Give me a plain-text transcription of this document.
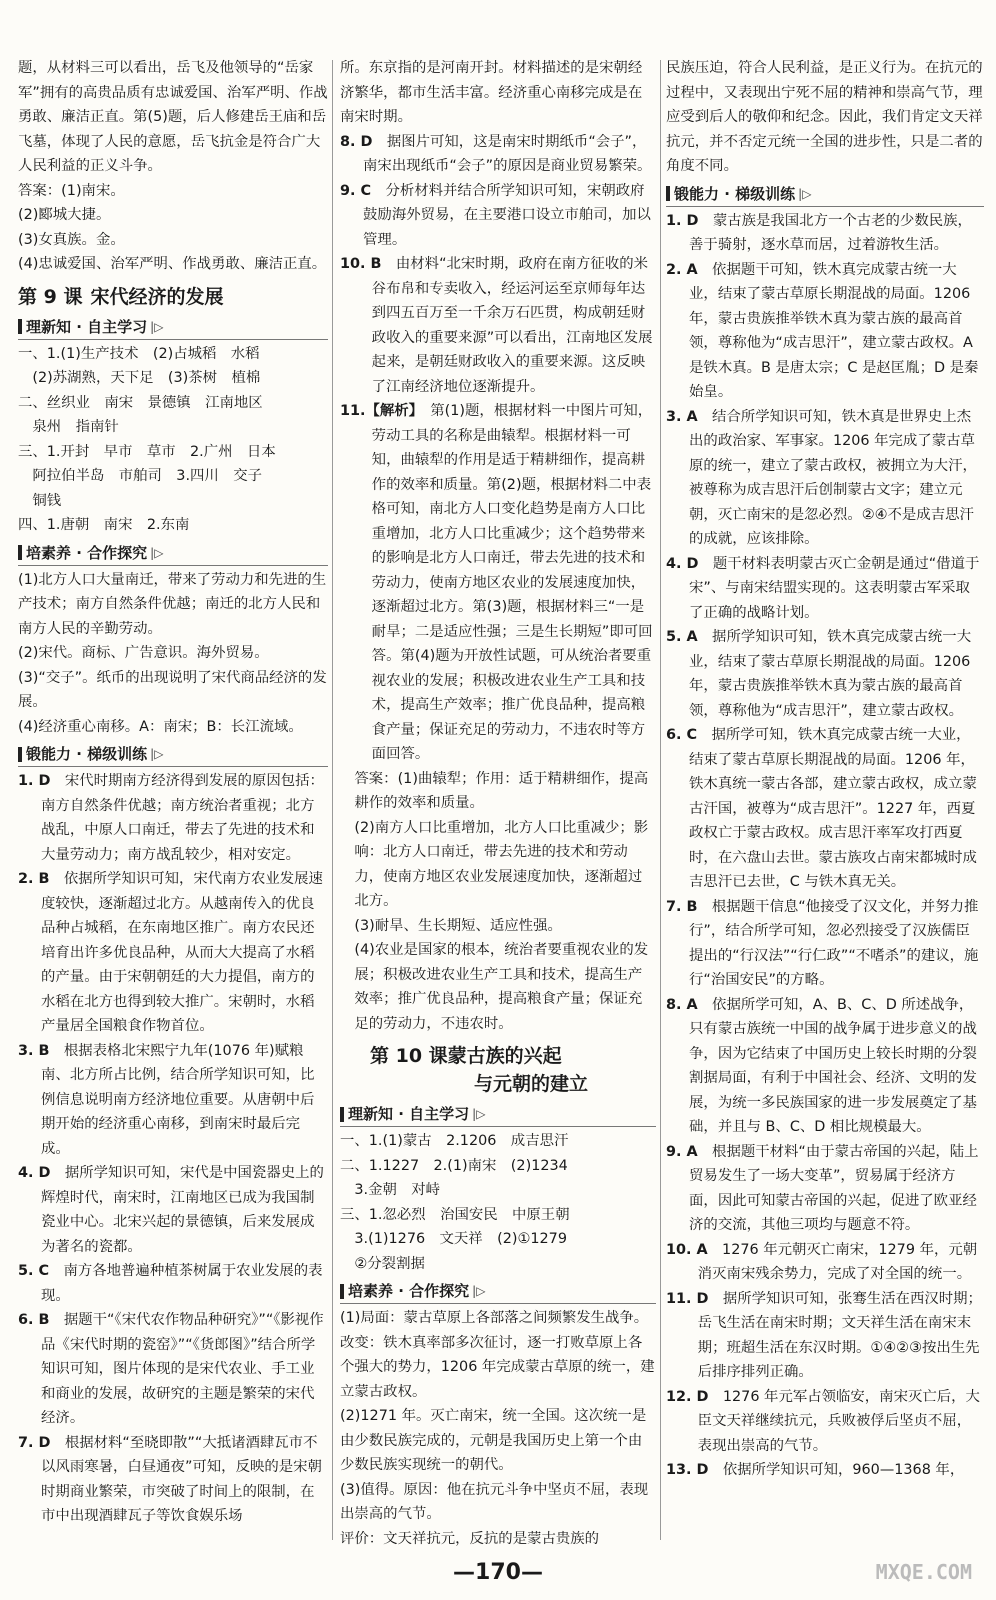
题，从材料三可以看出，岳飞及他领导的“岳家军”拥有的高贵品质有忠诚爱国、治军严明、作战勇敢、廉洁正直。第(5)题，后人修建岳王庙和岳飞墓，体现了人民的意愿，岳飞抗金是符合广大人民利益的正义斗争。

答案：(1)南宋。

(2)郾城大捷。

(3)女真族。金。

(4)忠诚爱国、治军严明、作战勇敢、廉洁正直。

第 9 课 宋代经济的发展
理新知 · 自主学习 |▷

一、1.(1)生产技术　(2)占城稻　水稻

(2)苏湖熟，天下足　(3)茶树　植棉

二、丝织业　南宋　景德镇　江南地区

泉州　指南针

三、1.开封　早市　草市　2.广州　日本

阿拉伯半岛　市舶司　3.四川　交子

铜钱

四、1.唐朝　南宋　2.东南

培素养 · 合作探究 |▷

(1)北方人口大量南迁，带来了劳动力和先进的生产技术；南方自然条件优越；南迁的北方人民和南方人民的辛勤劳动。

(2)宋代。商标、广告意识。海外贸易。

(3)“交子”。纸币的出现说明了宋代商品经济的发展。

(4)经济重心南移。A：南宋；B：长江流域。

锻能力 · 梯级训练 |▷

1. D　 宋代时期南方经济得到发展的原因包括：南方自然条件优越；南方统治者重视；北方战乱，中原人口南迁，带去了先进的技术和大量劳动力；南方战乱较少，相对安定。

2. B　 依据所学知识可知，宋代南方农业发展速度较快，逐渐超过北方。从越南传入的优良品种占城稻，在东南地区推广。南方农民还培育出许多优良品种，从而大大提高了水稻的产量。由于宋朝朝廷的大力提倡，南方的水稻在北方也得到较大推广。宋朝时，水稻产量居全国粮食作物首位。

3. B　 根据表格北宋熙宁九年(1076 年)赋粮南、北方所占比例，结合所学知识可知，比例信息说明南方经济地位重要。从唐朝中后期开始的经济重心南移，到南宋时最后完成。

4. D　 据所学知识可知，宋代是中国瓷器史上的辉煌时代，南宋时，江南地区已成为我国制瓷业中心。北宋兴起的景德镇，后来发展成为著名的瓷都。

5. C　 南方各地普遍种植茶树属于农业发展的表现。

6. B　 据题干“《宋代农作物品种研究》”“《影视作品《宋代时期的瓷窑》”“《货郎图》”结合所学知识可知，图片体现的是宋代农业、手工业和商业的发展，故研究的主题是繁荣的宋代经济。

7. D　 根据材料“至晓即散”“大抵诸酒肆瓦市不以风雨寒暑，白昼通夜”可知，反映的是宋朝时期商业繁荣，市突破了时间上的限制，在市中出现酒肆瓦子等饮食娱乐场

所。东京指的是河南开封。材料描述的是宋朝经济繁华，都市生活丰富。经济重心南移完成是在南宋时期。

8. D　 据图片可知，这是南宋时期纸币“会子”，南宋出现纸币“会子”的原因是商业贸易繁荣。

9. C　 分析材料并结合所学知识可知，宋朝政府鼓励海外贸易，在主要港口设立市舶司，加以管理。

10. B　 由材料“北宋时期，政府在南方征收的米谷布帛和专卖收入，经运河运至京师每年达到四五百万至一千余万石匹贯，构成朝廷财政收入的重要来源”可以看出，江南地区发展起来，是朝廷财政收入的重要来源。这反映了江南经济地位逐渐提升。

11.【解析】　 第(1)题，根据材料一中图片可知，劳动工具的名称是曲辕犁。根据材料一可知，曲辕犁的作用是适于精耕细作，提高耕作的效率和质量。第(2)题，根据材料二中表格可知，南北方人口变化趋势是南方人口比重增加，北方人口比重减少；这个趋势带来的影响是北方人口南迁，带去先进的技术和劳动力，使南方地区农业的发展速度加快，逐渐超过北方。第(3)题，根据材料三“一是耐旱；二是适应性强；三是生长期短”即可回答。第(4)题为开放性试题，可从统治者要重视农业的发展；积极改进农业生产工具和技术，提高生产效率；推广优良品种，提高粮食产量；保证充足的劳动力，不违农时等方面回答。

答案：(1)曲辕犁；作用：适于精耕细作，提高耕作的效率和质量。

(2)南方人口比重增加，北方人口比重减少；影响：北方人口南迁，带去先进的技术和劳动力，使南方地区农业发展速度加快，逐渐超过北方。

(3)耐旱、生长期短、适应性强。

(4)农业是国家的根本，统治者要重视农业的发展；积极改进农业生产工具和技术，提高生产效率；推广优良品种，提高粮食产量；保证充足的劳动力，不违农时。

第 10 课蒙古族的兴起
与元朝的建立
理新知 · 自主学习 |▷

一、1.(1)蒙古　2.1206　成吉思汗

二、1.1227　2.(1)南宋　(2)1234

3.金朝　对峙

三、1.忽必烈　治国安民　中原王朝

3.(1)1276　文天祥　(2)①1279

②分裂割据

培素养 · 合作探究 |▷

(1)局面：蒙古草原上各部落之间频繁发生战争。

改变：铁木真率部多次征讨，逐一打败草原上各个强大的势力，1206 年完成蒙古草原的统一，建立蒙古政权。

(2)1271 年。灭亡南宋，统一全国。这次统一是由少数民族完成的，元朝是我国历史上第一个由少数民族实现统一的朝代。

(3)值得。原因：他在抗元斗争中坚贞不屈，表现出崇高的气节。

评价：文天祥抗元，反抗的是蒙古贵族的

民族压迫，符合人民利益，是正义行为。在抗元的过程中，又表现出宁死不屈的精神和崇高气节，理应受到后人的敬仰和纪念。因此，我们肯定文天祥抗元，并不否定元统一全国的进步性，只是二者的角度不同。

锻能力 · 梯级训练 |▷

1. D　 蒙古族是我国北方一个古老的少数民族，善于骑射，逐水草而居，过着游牧生活。

2. A　 依据题干可知，铁木真完成蒙古统一大业，结束了蒙古草原长期混战的局面。1206 年，蒙古贵族推举铁木真为蒙古族的最高首领，尊称他为“成吉思汗”，建立蒙古政权。A 是铁木真。B 是唐太宗；C 是赵匡胤；D 是秦始皇。

3. A　 结合所学知识可知，铁木真是世界史上杰出的政治家、军事家。1206 年完成了蒙古草原的统一，建立了蒙古政权，被拥立为大汗，被尊称为成吉思汗后创制蒙古文字；建立元朝，灭亡南宋的是忽必烈。②④不是成吉思汗的成就，应该排除。

4. D　 题干材料表明蒙古灭亡金朝是通过“借道于宋”、与南宋结盟实现的。这表明蒙古军采取了正确的战略计划。

5. A　 据所学知识可知，铁木真完成蒙古统一大业，结束了蒙古草原长期混战的局面。1206 年，蒙古贵族推举铁木真为蒙古族的最高首领，尊称他为“成吉思汗”，建立蒙古政权。

6. C　 据所学可知，铁木真完成蒙古统一大业，结束了蒙古草原长期混战的局面。1206 年，铁木真统一蒙古各部，建立蒙古政权，成立蒙古汗国，被尊为“成吉思汗”。1227 年，西夏政权亡于蒙古政权。成吉思汗率军攻打西夏时，在六盘山去世。蒙古族攻占南宋都城时成吉思汗已去世，C 与铁木真无关。

7. B　 根据题干信息“他接受了汉文化，并努力推行”，结合所学可知，忽必烈接受了汉族儒臣提出的“行汉法”“行仁政”“不嗜杀”的建议，施行“治国安民”的方略。

8. A　 依据所学可知，A、B、C、D 所述战争，只有蒙古族统一中国的战争属于进步意义的战争，因为它结束了中国历史上较长时期的分裂割据局面，有利于中国社会、经济、文明的发展，为统一多民族国家的进一步发展奠定了基础，并且与 B、C、D 相比规模最大。

9. A　 根据题干材料“由于蒙古帝国的兴起，陆上贸易发生了一场大变革”，贸易属于经济方面，因此可知蒙古帝国的兴起，促进了欧亚经济的交流，其他三项均与题意不符。

10. A　 1276 年元朝灭亡南宋，1279 年，元朝消灭南宋残余势力，完成了对全国的统一。

11. D　 据所学知识可知，张骞生活在西汉时期；岳飞生活在南宋时期；文天祥生活在南宋末期；班超生活在东汉时期。①④②③按出生先后排序排列正确。

12. D　 1276 年元军占领临安，南宋灭亡后，大臣文天祥继续抗元，兵败被俘后坚贞不屈，表现出崇高的气节。

13. D　 依据所学知识可知，960—1368 年，

—170—	MXQE.COM
